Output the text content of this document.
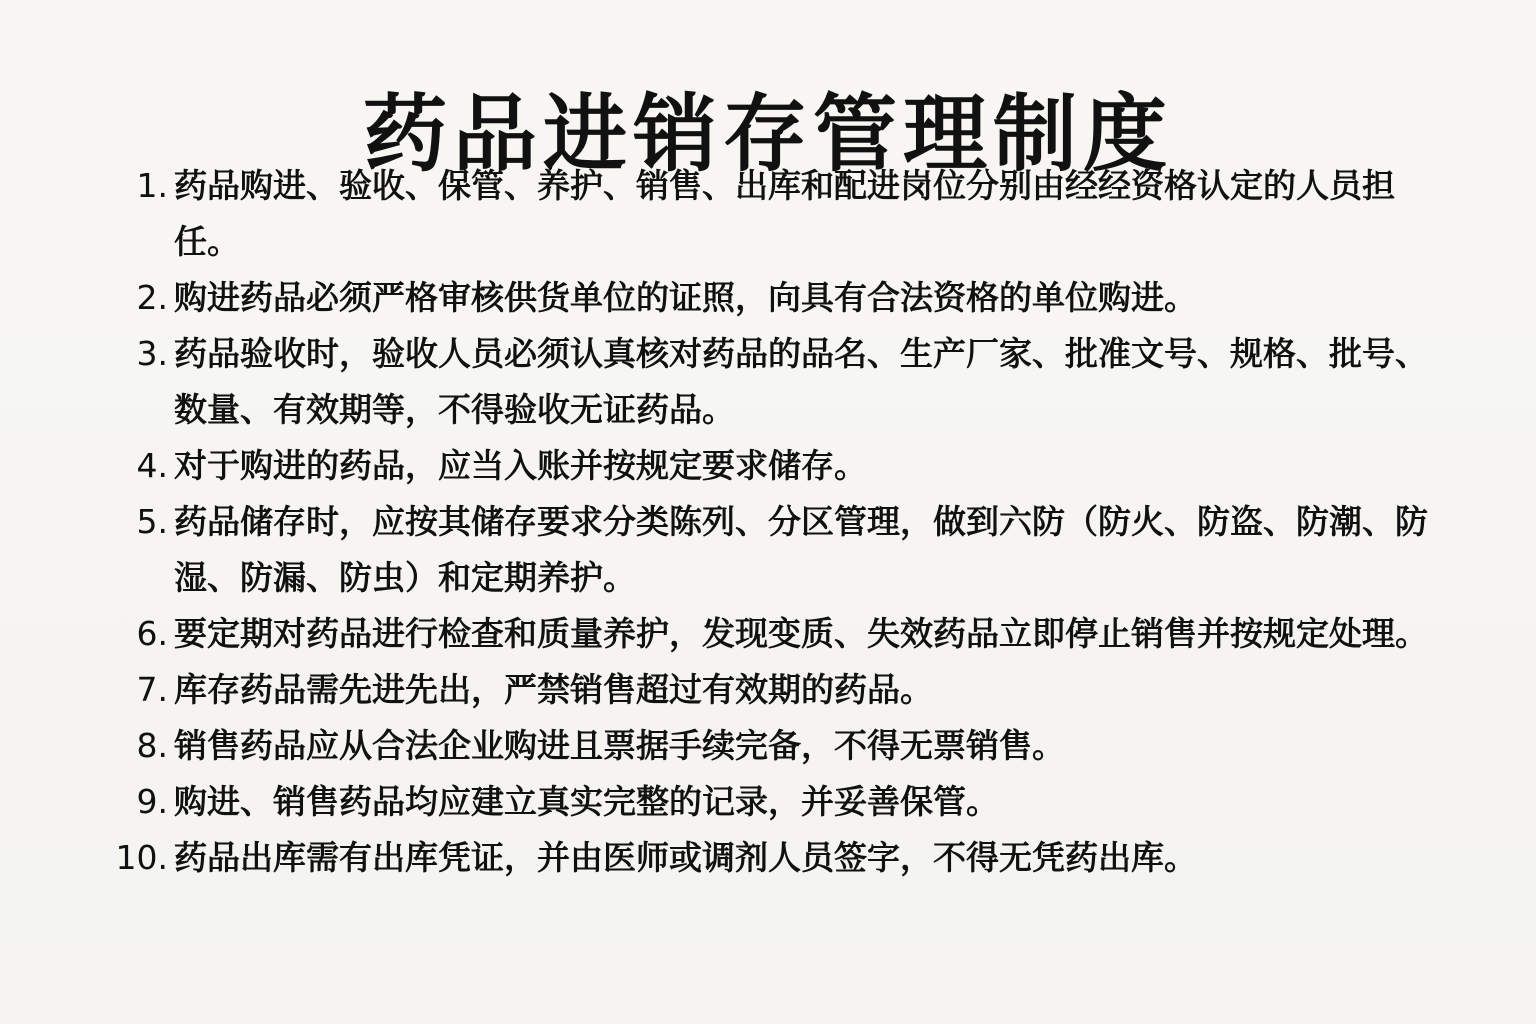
药品进销存管理制度
1. 药品购进、验收、保管、养护、销售、出库和配进岗位分别由经经资格认定的人员担任。
2. 购进药品必须严格审核供货单位的证照，向具有合法资格的单位购进。
3. 药品验收时，验收人员必须认真核对药品的品名、生产厂家、批准文号、规格、批号、数量、有效期等，不得验收无证药品。
4. 对于购进的药品，应当入账并按规定要求储存。
5. 药品储存时，应按其储存要求分类陈列、分区管理，做到六防（防火、防盗、防潮、防湿、防漏、防虫）和定期养护。
6. 要定期对药品进行检查和质量养护，发现变质、失效药品立即停止销售并按规定处理。
7. 库存药品需先进先出，严禁销售超过有效期的药品。
8. 销售药品应从合法企业购进且票据手续完备，不得无票销售。
9. 购进、销售药品均应建立真实完整的记录，并妥善保管。
10. 药品出库需有出库凭证，并由医师或调剂人员签字，不得无凭药出库。
